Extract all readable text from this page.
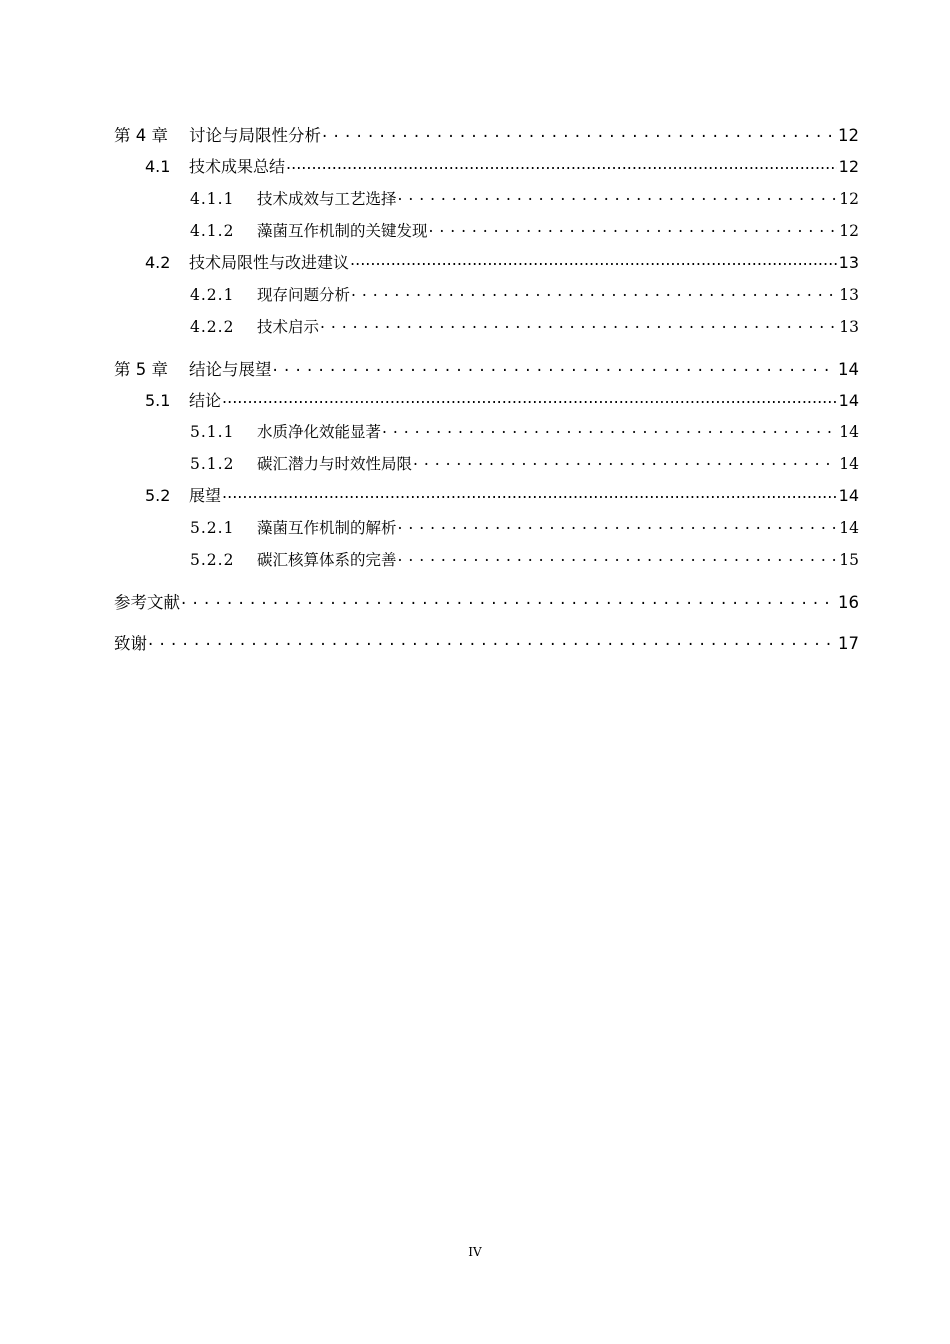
第 4 章	讨论与局限性分析 . . .	12
4.1	技术成果总结 .....	12
4.1.1	技术成效与工艺选择 . . .	12
4.1.2	藻菌互作机制的关键发现 . . .	12
4.2	技术局限性与改进建议 .....	13
4.2.1	现存问题分析 . . .	13
4.2.2	技术启示 . . .	13
第 5 章	结论与展望 . . .	14
5.1	结论 .....	14
5.1.1	水质净化效能显著 . . .	14
5.1.2	碳汇潜力与时效性局限 . . .	14
5.2	展望 .....	14
5.2.1	藻菌互作机制的解析 . . .	14
5.2.2	碳汇核算体系的完善 . . .	15
参考文献 . . .	16
致谢 . . .	17
IV
